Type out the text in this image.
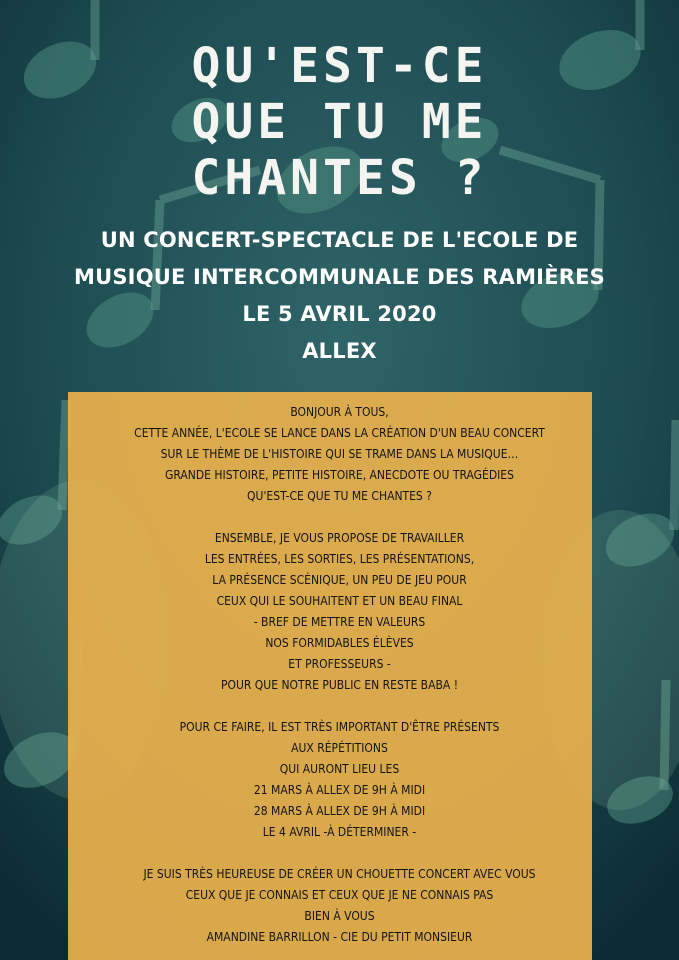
QU'EST-CE
QUE TU ME
CHANTES ?
UN CONCERT-SPECTACLE DE L'ECOLE DE
MUSIQUE INTERCOMMUNALE DES RAMIÈRES
LE 5 AVRIL 2020
ALLEX
BONJOUR À TOUS,
CETTE ANNÉE, L'ECOLE SE LANCE DANS LA CRÉATION D'UN BEAU CONCERT
SUR LE THÈME DE L'HISTOIRE QUI SE TRAME DANS LA MUSIQUE…
GRANDE HISTOIRE, PETITE HISTOIRE, ANECDOTE OU TRAGÉDIES
QU'EST-CE QUE TU ME CHANTES ?
ENSEMBLE, JE VOUS PROPOSE DE TRAVAILLER
LES ENTRÉES, LES SORTIES, LES PRÉSENTATIONS,
LA PRÉSENCE SCÉNIQUE, UN PEU DE JEU POUR
CEUX QUI LE SOUHAITENT ET UN BEAU FINAL
- BREF DE METTRE EN VALEURS
NOS FORMIDABLES ÉLÈVES
ET PROFESSEURS -
POUR QUE NOTRE PUBLIC EN RESTE BABA !
POUR CE FAIRE, IL EST TRÈS IMPORTANT D'ÊTRE PRÉSENTS
AUX RÉPÉTITIONS
QUI AURONT LIEU LES
21 MARS À ALLEX DE 9H À MIDI
28 MARS À ALLEX DE 9H À MIDI
LE 4 AVRIL -À DÉTERMINER -
JE SUIS TRÈS HEUREUSE DE CRÉER UN CHOUETTE CONCERT AVEC VOUS
CEUX QUE JE CONNAIS ET CEUX QUE JE NE CONNAIS PAS
BIEN À VOUS
AMANDINE BARRILLON - CIE DU PETIT MONSIEUR
